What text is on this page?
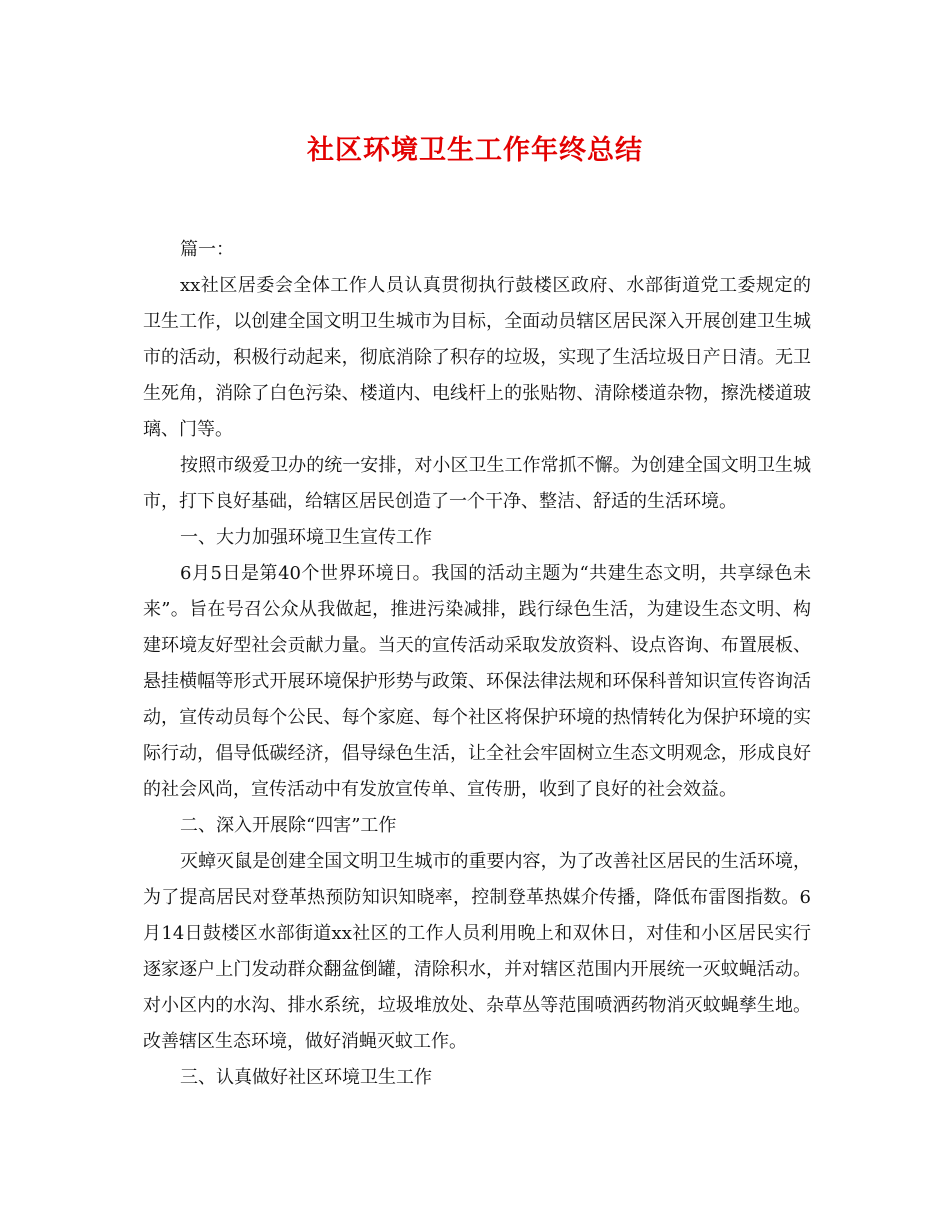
社区环境卫生工作年终总结

篇一：

xx社区居委会全体工作人员认真贯彻执行鼓楼区政府、水部街道党工委规定的卫生工作，以创建全国文明卫生城市为目标，全面动员辖区居民深入开展创建卫生城市的活动，积极行动起来，彻底消除了积存的垃圾，实现了生活垃圾日产日清。无卫生死角，消除了白色污染、楼道内、电线杆上的张贴物、清除楼道杂物，擦洗楼道玻璃、门等。

按照市级爱卫办的统一安排，对小区卫生工作常抓不懈。为创建全国文明卫生城市，打下良好基础，给辖区居民创造了一个干净、整洁、舒适的生活环境。

一、大力加强环境卫生宣传工作

6月5日是第40个世界环境日。我国的活动主题为“共建生态文明，共享绿色未来”。旨在号召公众从我做起，推进污染减排，践行绿色生活，为建设生态文明、构建环境友好型社会贡献力量。当天的宣传活动采取发放资料、设点咨询、布置展板、悬挂横幅等形式开展环境保护形势与政策、环保法律法规和环保科普知识宣传咨询活动，宣传动员每个公民、每个家庭、每个社区将保护环境的热情转化为保护环境的实际行动，倡导低碳经济，倡导绿色生活，让全社会牢固树立生态文明观念，形成良好的社会风尚，宣传活动中有发放宣传单、宣传册，收到了良好的社会效益。

二、深入开展除“四害”工作

灭蟑灭鼠是创建全国文明卫生城市的重要内容，为了改善社区居民的生活环境，为了提高居民对登革热预防知识知晓率，控制登革热媒介传播，降低布雷图指数。6月14日鼓楼区水部街道xx社区的工作人员利用晚上和双休日，对佳和小区居民实行逐家逐户上门发动群众翻盆倒罐，清除积水，并对辖区范围内开展统一灭蚊蝇活动。对小区内的水沟、排水系统，垃圾堆放处、杂草丛等范围喷洒药物消灭蚊蝇孳生地。改善辖区生态环境，做好消蝇灭蚊工作。

三、认真做好社区环境卫生工作
